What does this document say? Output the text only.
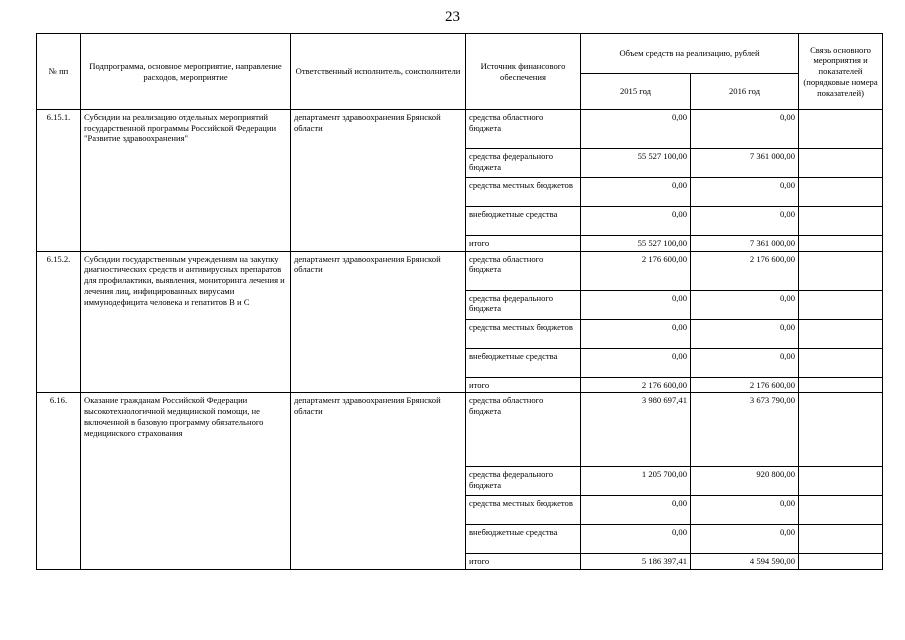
23
№ пп	Подпрограмма, основное мероприятие, направление расходов, мероприятие	Ответственный исполнитель, соисполнители	Источник финансового обеспечения	Объем средств на реализацию, рублей		Связь основного мероприятия и показателей (порядковые номера показателей)
				2015 год	2016 год	
6.15.1.	Субсидии на реализацию отдельных мероприятий государственной программы Российской Федерации "Развитие здравоохранения"	департамент здравоохранения Брянской области	средства областного бюджета	0,00	0,00	
			средства федерального бюджета	55 527 100,00	7 361 000,00	
			средства местных бюджетов	0,00	0,00	
			внебюджетные средства	0,00	0,00	
			итого	55 527 100,00	7 361 000,00	
6.15.2.	Субсидии государственным учреждениям на закупку диагностических средств и антивирусных препаратов для профилактики, выявления, мониторинга лечения и лечения лиц, инфицированных вирусами иммунодефицита человека и гепатитов В и С	департамент здравоохранения Брянской области	средства областного бюджета	2 176 600,00	2 176 600,00	
			средства федерального бюджета	0,00	0,00	
			средства местных бюджетов	0,00	0,00	
			внебюджетные средства	0,00	0,00	
			итого	2 176 600,00	2 176 600,00	
6.16.	Оказание гражданам Российской Федерации высокотехнологичной медицинской помощи, не включенной в базовую программу обязательного медицинского страхования	департамент здравоохранения Брянской области	средства областного бюджета	3 980 697,41	3 673 790,00	
			средства федерального бюджета	1 205 700,00	920 800,00	
			средства местных бюджетов	0,00	0,00	
			внебюджетные средства	0,00	0,00	
			итого	5 186 397,41	4 594 590,00	
